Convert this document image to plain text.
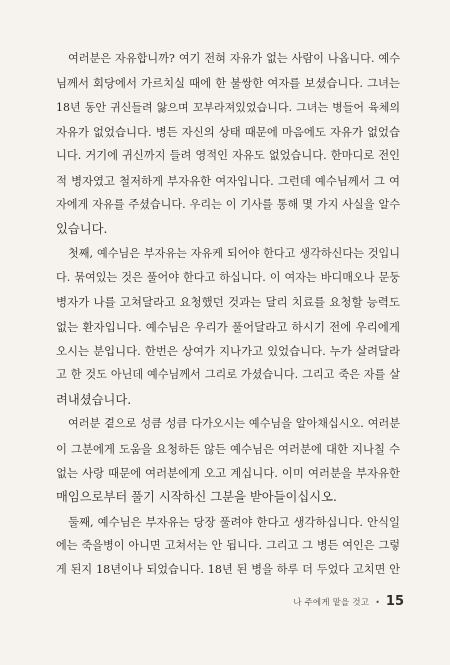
여러분은 자유합니까? 여기 전혀 자유가 없는 사람이 나옵니다. 예수
님께서 회당에서 가르치실 때에 한 불쌍한 여자를 보셨습니다. 그녀는
18년 동안 귀신들려 앓으며 꼬부라져있었습니다. 그녀는 병들어 육체의
자유가 없었습니다. 병든 자신의 상태 때문에 마음에도 자유가 없었습
니다. 거기에 귀신까지 들려 영적인 자유도 없었습니다. 한마디로 전인
적 병자였고 철저하게 부자유한 여자입니다. 그런데 예수님께서 그 여
자에게 자유를 주셨습니다. 우리는 이 기사를 통해 몇 가지 사실을 알수
있습니다.
첫째, 예수님은 부자유는 자유케 되어야 한다고 생각하신다는 것입니
다. 묶여있는 것은 풀어야 한다고 하십니다. 이 여자는 바디매오나 문둥
병자가 나를 고쳐달라고 요청했던 것과는 달리 치료를 요청할 능력도
없는 환자입니다. 예수님은 우리가 풀어달라고 하시기 전에 우리에게
오시는 분입니다. 한번은 상여가 지나가고 있었습니다. 누가 살려달라
고 한 것도 아닌데 예수님께서 그리로 가셨습니다. 그리고 죽은 자를 살
려내셨습니다.
여러분 곁으로 성큼 성큼 다가오시는 예수님을 알아채십시오. 여러분
이 그분에게 도움을 요청하든 않든 예수님은 여러분에 대한 지나칠 수
없는 사랑 때문에 여러분에게 오고 계십니다. 이미 여러분을 부자유한
매임으로부터 풀기 시작하신 그분을 받아들이십시오.
둘째, 예수님은 부자유는 당장 풀려야 한다고 생각하십니다. 안식일
에는 죽을병이 아니면 고쳐서는 안 됩니다. 그리고 그 병든 여인은 그렇
게 된지 18년이나 되었습니다. 18년 된 병을 하루 더 두었다 고치면 안
나 주에게 맡을 것고 • 15
